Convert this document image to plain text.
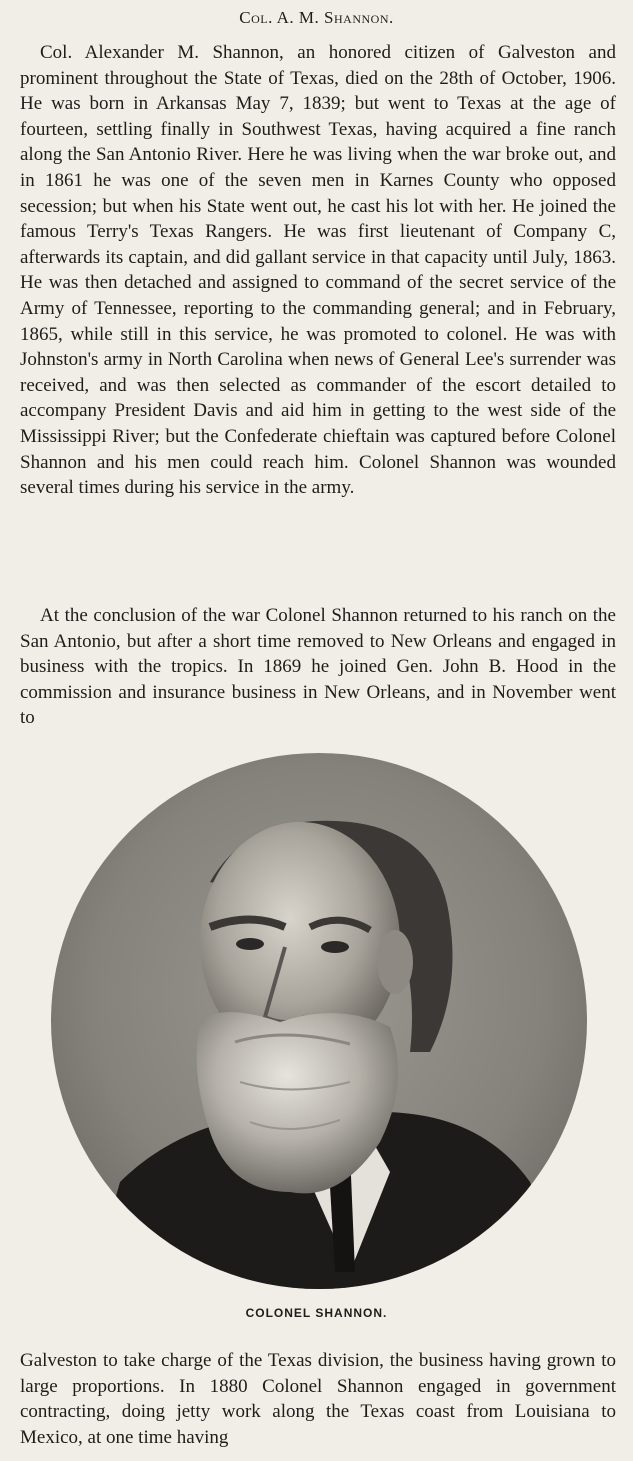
Col. A. M. Shannon.

Col. Alexander M. Shannon, an honored citizen of Galveston and prominent throughout the State of Texas, died on the 28th of October, 1906. He was born in Arkansas May 7, 1839; but went to Texas at the age of fourteen, settling finally in Southwest Texas, having acquired a fine ranch along the San Antonio River. Here he was living when the war broke out, and in 1861 he was one of the seven men in Karnes County who opposed secession; but when his State went out, he cast his lot with her. He joined the famous Terry's Texas Rangers. He was first lieutenant of Company C, afterwards its captain, and did gallant service in that capacity until July, 1863. He was then detached and assigned to command of the secret service of the Army of Tennessee, reporting to the commanding general; and in February, 1865, while still in this service, he was promoted to colonel. He was with Johnston's army in North Carolina when news of General Lee's surrender was received, and was then selected as commander of the escort detailed to accompany President Davis and aid him in getting to the west side of the Mississippi River; but the Confederate chieftain was captured before Colonel Shannon and his men could reach him. Colonel Shannon was wounded several times during his service in the army.

At the conclusion of the war Colonel Shannon returned to his ranch on the San Antonio, but after a short time removed to New Orleans and engaged in business with the tropics. In 1869 he joined Gen. John B. Hood in the commission and insurance business in New Orleans, and in November went to

COLONEL SHANNON.

Galveston to take charge of the Texas division, the business having grown to large proportions. In 1880 Colonel Shannon engaged in government contracting, doing jetty work along the Texas coast from Louisiana to Mexico, at one time having
